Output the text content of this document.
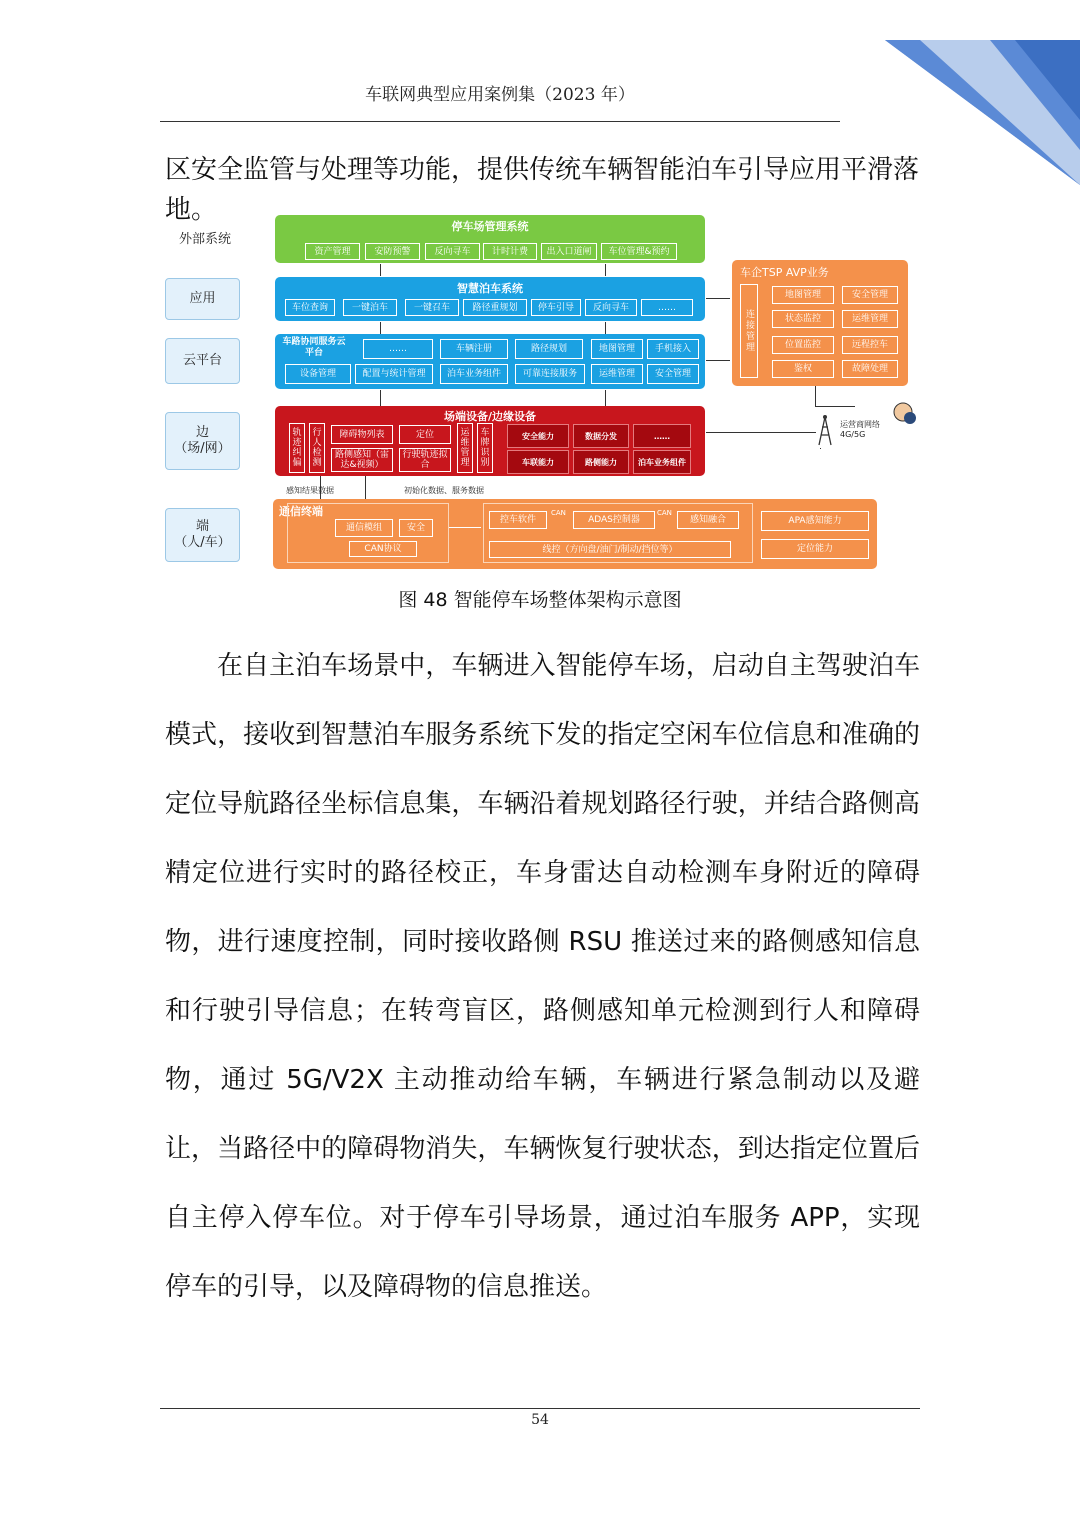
车联网典型应用案例集（2023 年）
区安全监管与处理等功能，提供传统车辆智能泊车引导应用平滑落地。
外部系统
应用
云平台
边
（场/网）
端
（人/车）
停车场管理系统
资产管理	安防预警	反向寻车	计时计费	出入口道闸	车位管理&预约
智慧泊车系统
车位查询	一键泊车	一键召车	路径重规划	停车引导	反向寻车	……
车路协同服务云平台	……	车辆注册	路径规划	地图管理	手机接入
设备管理	配置与统计管理	泊车业务组件	可靠连接服务	运维管理	安全管理
车企TSP AVP业务
连接管理
地图管理	安全管理
状态监控	运维管理
位置监控	远程控车
鉴权	故障处理
场端设备/边缘设备
轨迹纠偏
行人检测
障碍物列表	定位
路侧感知（雷达&视频）
行驶轨迹拟合
运维管理
车牌识别
安全能力	数据分发	……
车联能力	路侧能力	泊车业务组件
运营商网络
4G/5G
感知结果数据	初始化数据、服务数据
通信终端
通信模组	安全
CAN协议
控车软件
CAN
ADAS控制器
CAN
感知融合
线控（方向盘/油门/制动/挡位等）
APA感知能力
定位能力
图 48 智能停车场整体架构示意图
在自主泊车场景中，车辆进入智能停车场，启动自主驾驶泊车模式，接收到智慧泊车服务系统下发的指定空闲车位信息和准确的定位导航路径坐标信息集，车辆沿着规划路径行驶，并结合路侧高精定位进行实时的路径校正，车身雷达自动检测车身附近的障碍物，进行速度控制，同时接收路侧 RSU 推送过来的路侧感知信息和行驶引导信息；在转弯盲区，路侧感知单元检测到行人和障碍物，通过 5G/V2X 主动推动给车辆，车辆进行紧急制动以及避让，当路径中的障碍物消失，车辆恢复行驶状态，到达指定位置后自主停入停车位。对于停车引导场景，通过泊车服务 APP，实现停车的引导，以及障碍物的信息推送。
54
